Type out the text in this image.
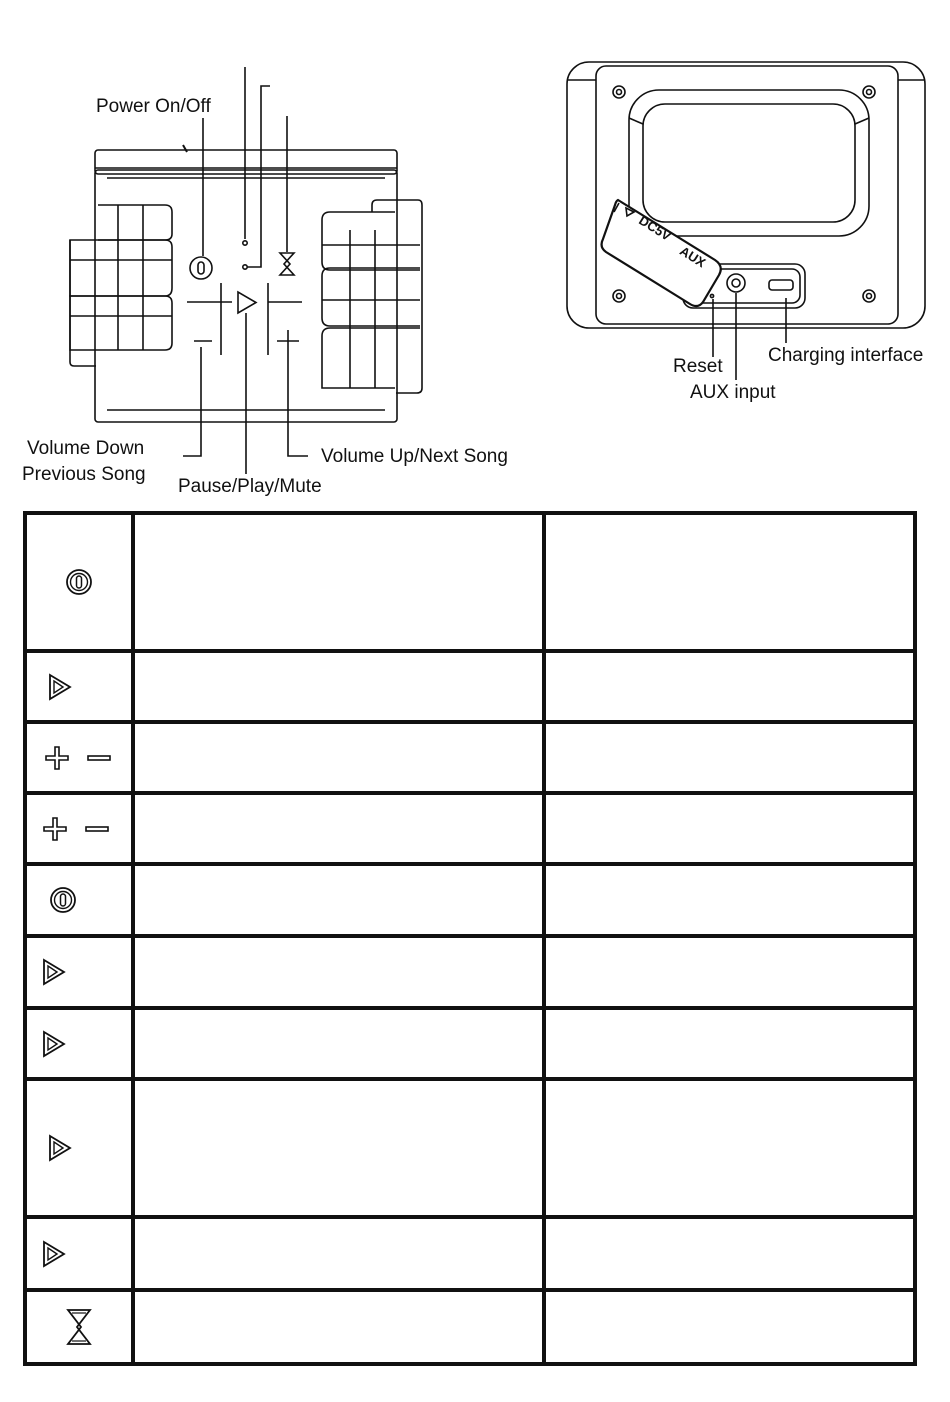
DC5V
AUX
Power On/Off
Volume Down
Previous Song
Pause/Play/Mute
Volume Up/Next Song
Reset
AUX input
Charging interface
